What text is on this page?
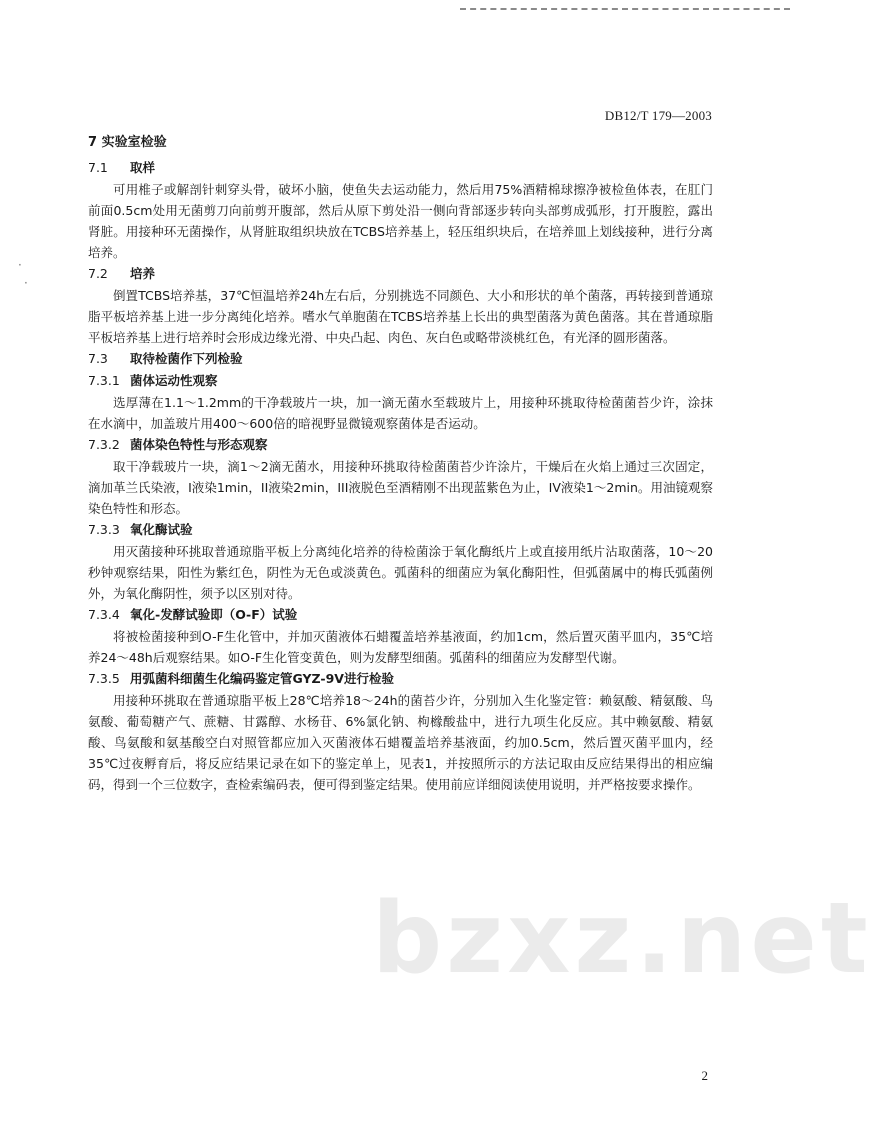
DB12/T 179—2003
·
·
7 实验室检验
7.1 取样

可用椎子或解剖针刺穿头骨，破坏小脑，使鱼失去运动能力，然后用75%酒精棉球擦净被检鱼体表，在肛门前面0.5cm处用无菌剪刀向前剪开腹部，然后从原下剪处沿一侧向背部逐步转向头部剪成弧形，打开腹腔，露出肾脏。用接种环无菌操作，从肾脏取组织块放在TCBS培养基上，轻压组织块后，在培养皿上划线接种，进行分离培养。

7.2 培养

倒置TCBS培养基，37℃恒温培养24h左右后，分别挑选不同颜色、大小和形状的单个菌落，再转接到普通琼脂平板培养基上进一步分离纯化培养。嗜水气单胞菌在TCBS培养基上长出的典型菌落为黄色菌落。其在普通琼脂平板培养基上进行培养时会形成边缘光滑、中央凸起、肉色、灰白色或略带淡桃红色，有光泽的圆形菌落。

7.3 取待检菌作下列检验
7.3.1 菌体运动性观察

选厚薄在1.1～1.2mm的干净载玻片一块，加一滴无菌水至载玻片上，用接种环挑取待检菌菌苔少许，涂抹在水滴中，加盖玻片用400～600倍的暗视野显微镜观察菌体是否运动。

7.3.2 菌体染色特性与形态观察

取干净载玻片一块，滴1～2滴无菌水，用接种环挑取待检菌菌苔少许涂片，干燥后在火焰上通过三次固定，滴加革兰氏染液，I液染1min，II液染2min，III液脱色至酒精刚不出现蓝紫色为止，IV液染1～2min。用油镜观察染色特性和形态。

7.3.3 氧化酶试验

用灭菌接种环挑取普通琼脂平板上分离纯化培养的待检菌涂于氧化酶纸片上或直接用纸片沾取菌落，10～20秒钟观察结果，阳性为紫红色，阴性为无色或淡黄色。弧菌科的细菌应为氧化酶阳性，但弧菌属中的梅氏弧菌例外，为氧化酶阴性，须予以区别对待。

7.3.4 氧化-发酵试验即（O-F）试验

将被检菌接种到O-F生化管中，并加灭菌液体石蜡覆盖培养基液面，约加1cm，然后置灭菌平皿内，35℃培养24～48h后观察结果。如O-F生化管变黄色，则为发酵型细菌。弧菌科的细菌应为发酵型代谢。

7.3.5 用弧菌科细菌生化编码鉴定管GYZ-9V进行检验

用接种环挑取在普通琼脂平板上28℃培养18～24h的菌苔少许，分别加入生化鉴定管：赖氨酸、精氨酸、鸟氨酸、葡萄糖产气、蔗糖、甘露醇、水杨苷、6%氯化钠、枸橼酸盐中，进行九项生化反应。其中赖氨酸、精氨酸、鸟氨酸和氨基酸空白对照管都应加入灭菌液体石蜡覆盖培养基液面，约加0.5cm，然后置灭菌平皿内，经35℃过夜孵育后，将反应结果记录在如下的鉴定单上，见表1，并按照所示的方法记取由反应结果得出的相应编码，得到一个三位数字，查检索编码表，便可得到鉴定结果。使用前应详细阅读使用说明，并严格按要求操作。

bzxz.net
2
